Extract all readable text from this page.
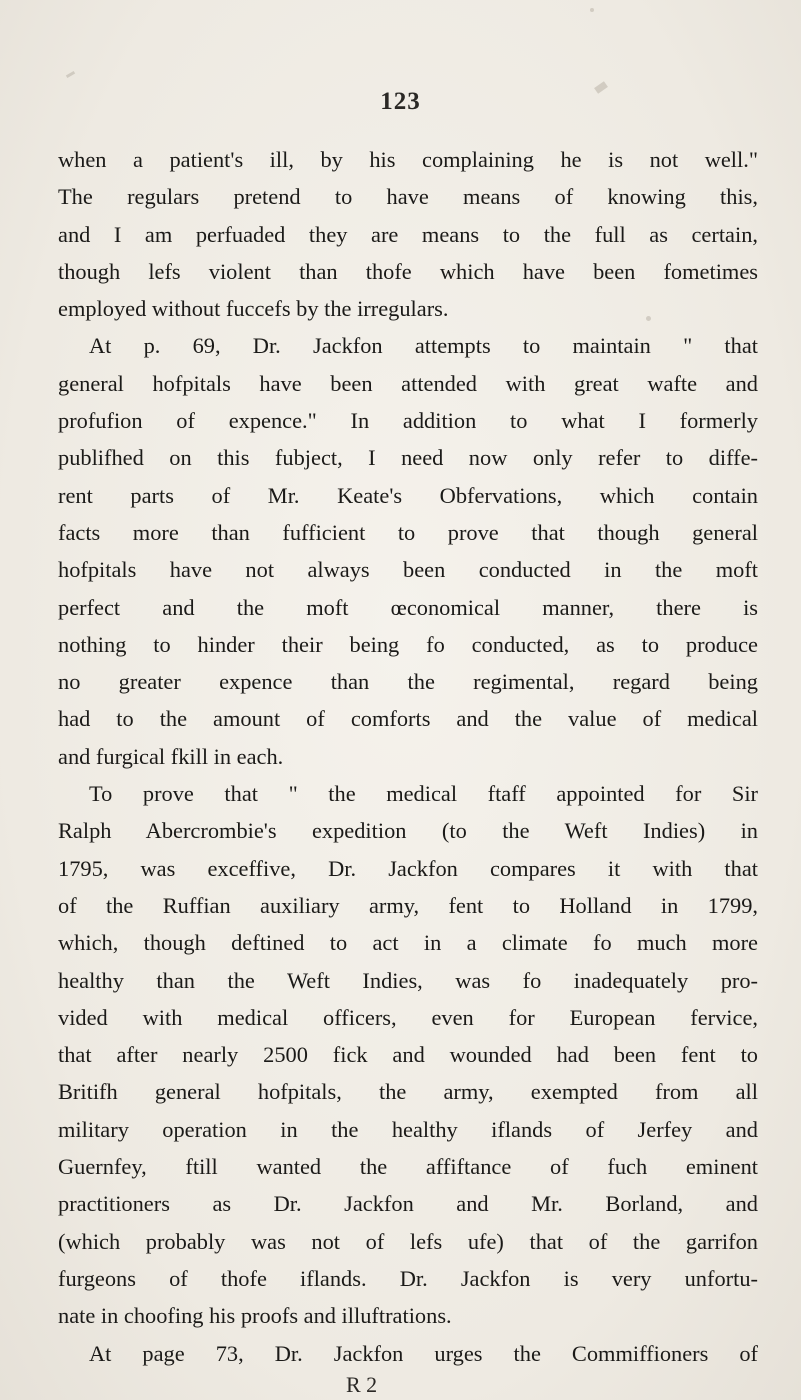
123
when a patient's ill, by his complaining he is not well."
The regulars pretend to have means of knowing this,
and I am perfuaded they are means to the full as certain,
though lefs violent than thofe which have been fometimes
employed without fuccefs by the irregulars.
At p. 69, Dr. Jackfon attempts to maintain " that
general hofpitals have been attended with great wafte and
profufion of expence." In addition to what I formerly
publifhed on this fubject, I need now only refer to diffe-
rent parts of Mr. Keate's Obfervations, which contain
facts more than fufficient to prove that though general
hofpitals have not always been conducted in the moft
perfect and the moft œconomical manner, there is
nothing to hinder their being fo conducted, as to produce
no greater expence than the regimental, regard being
had to the amount of comforts and the value of medical
and furgical fkill in each.
To prove that " the medical ftaff appointed for Sir
Ralph Abercrombie's expedition (to the Weft Indies) in
1795, was exceffive, Dr. Jackfon compares it with that
of the Ruffian auxiliary army, fent to Holland in 1799,
which, though deftined to act in a climate fo much more
healthy than the Weft Indies, was fo inadequately pro-
vided with medical officers, even for European fervice,
that after nearly 2500 fick and wounded had been fent to
Britifh general hofpitals, the army, exempted from all
military operation in the healthy iflands of Jerfey and
Guernfey, ftill wanted the affiftance of fuch eminent
practitioners as Dr. Jackfon and Mr. Borland, and
(which probably was not of lefs ufe) that of the garrifon
furgeons of thofe iflands. Dr. Jackfon is very unfortu-
nate in choofing his proofs and illuftrations.
At page 73, Dr. Jackfon urges the Commiffioners of
R 2
